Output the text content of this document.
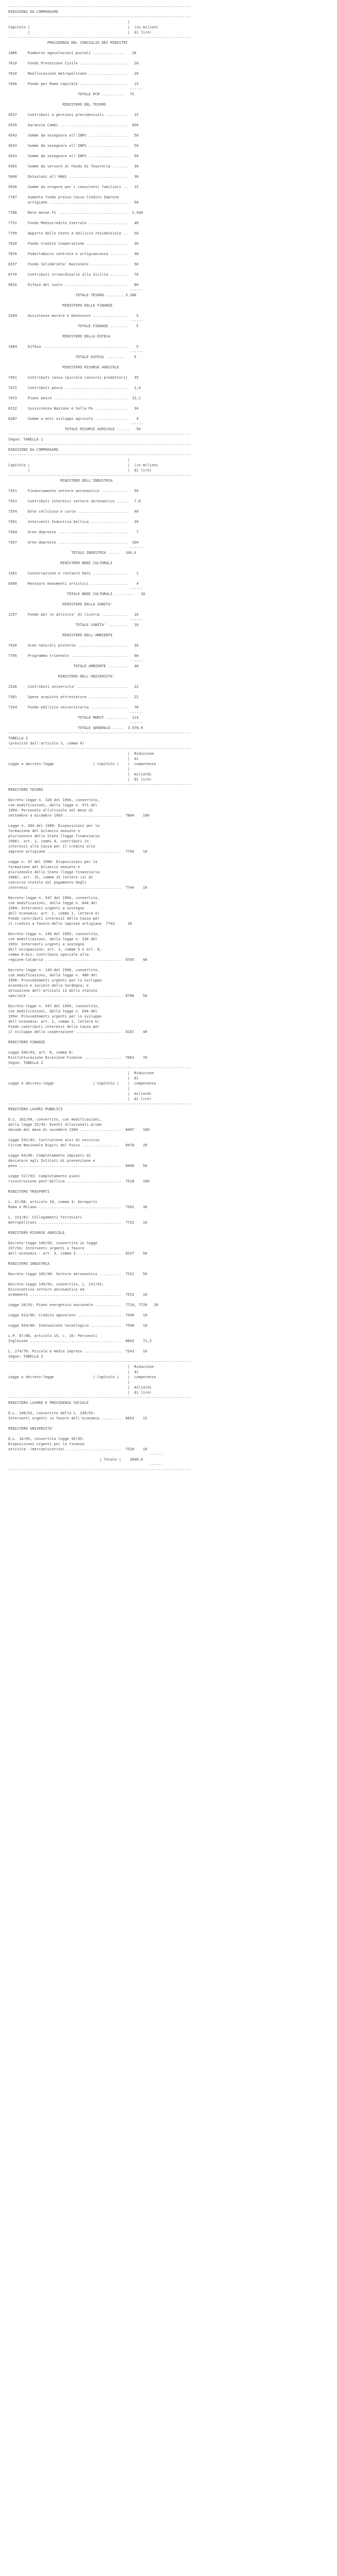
------------------------------------------------------------------------------------
RIDUZIONI DA COMPENSARE
------------------------------------------------------------------------------------
|
Capitolo |                                             |  (in milioni
|                                             |  di lire)
------------------------------------------------------------------------------------
PRESIDENZA DEL CONSIGLIO DEI MINISTRI

1086     Rimborso agevolazioni postali ...............   20

7610     Fondo Protezione Civile ......................   20

7610     Reallocazione metropolitane ..................   20

7640     Fondo per Roma Capitale ......................   15
------
TOTALE PCM ..........   75

MINISTERO DEL TESORO

4537     Contributi a gestioni previdenziali ..........   15

4539     Garanzia Cambi ...............................  650

4543     Somme da assegnare all'INPS ..................   50

4543     Somme da assegnare all'INPS ..................   50

4543     Somme da assegnare all'INPS ..................   50

4565     Somme da versare al Fondo di Tesoreria .......   30

5040     Dotazioni all'ANAS ...........................   30

5926     Somme da erogare per i consulenti familiari ..   15

7787     Aumento fondo presso Cassa Credito Imprese
artigiane ....................................   50

7788     Rete metan FS ................................  1.940

7751     Fondo Mediocredito Centrale ..................   40

7799     Apporto dello Stato a edilizia residenziale ..   50

7828     Fondo Credito Cooperazione ...................   30

7870     Federtabacco centrale e artigiancassa ........   40

8157     Fondo Solidarieta' Nazionale .................   50

8770     Contributi straordinario alla Sicilia ........   70

9010     Difesa del suolo .............................   80
------
TOTALE TESORO ........ 3.380

MINISTERO DELLE FINANZE

3294     Assistenza morale e benessere ................    5
------
TOTALE FINANZE ........    5

MINISTERO DELLA DIFESA

1084     Difesa .......................................    5
------
TOTALE DIFESA .........    5

MINISTERO RISORSE AGRICOLE

7451     Contributi cassa (piccola concorsi produttori)   35

7472     Contributi pesca .............................   1,4

7473     Piano pesce ..................................  13,1

8152     Sussistenza Nazione e Sella Po ...............   34

8287     Somme a enti sviluppo agricolo ...............    4
------
TOTALE RISORSE AGRICOLE ......   54
------------------------------------------------------------------------------------
Segue: TABELLA 1
------------------------------------------------------------------------------------
RIDUZIONI DA COMPENSARE
------------------------------------------------------------------------------------
|
Capitolo |                                             |  (in milioni
|                                             |  di lire)
------------------------------------------------------------------------------------
MINISTERO DELL'INDUSTRIA

7551     Finanziamento settore aeronautico ............   50

7553     Contributi interessi settore aeronautico .....   7,6

7554     Ente cellulosa e carta .......................   40

7501     Interventi Industria bellica .................   20

7564     Aree depresse ................................    7

7567     Aree depresse ................................  100
------
TOTALE INDUSTRIA .....   104,6

MINISTERO BENI CULTURALI

1581     Conservazione e restauro beni ................    1

8300     Restauro monumenti artistici .................    4
------
TOTALE BENI CULTURALI .........   10

MINISTERO DELLA SANITA'

1257     Fondo per le attivita' di ricerca ............   10
------
TOTALE SANITA' .........   10

MINISTERO DELL'AMBIENTE

7420     Aree naturali protette .......................   30

7705     Programma triennale ..........................   40
------
TOTALE AMBIENTE .........   40

MINISTERO DELL'UNIVERSITA'

2538     Contributi universita' .......................   22

7301     Spese acquisto attrezzature ..................   22

7324     Fondo edilizia universitaria .................   70
------
TOTALE MURST ..........  114
------
TOTALE GENERALE .....  3.978,9
------------------------------------------------------------------------------------
TABELLA 2
(previste dall'articolo 3, comma 4)
------------------------------------------------------------------------------------
|  Riduzione
|  di
Legge o decreto-legge                  | Capitolo |    |  competenza
|
|  miliardi
|  di lire)
------------------------------------------------------------------------------------
MINISTERO TESORO

Decreto-legge n. 328 del 1994, convertito,
con modificazioni, dalla legge n. 471 del
1994: Personale allultinale nel mese di
settembre a dicembre 1993 ..........................  7804    100

Legge n. 504 del 1989: Disposizioni per la
formazione del bilancio annuale e
pluriennale dello Stato (legge finanziaria
1990), art. 1, commi 4, contributi in
interessi alla Cassa per il credito alle
imprese artigiane ..................................  7743    10

Legge n. 47 del 1988: Disposizioni per la
formazione del bilancio annuale e
pluriennale dello Stato (legge finanziaria
1988), art. 15, comma 15 lettera (a) di
concorso statale nel pagamento degli
interessi ..........................................  7744    10

Decreto-legge n. 547 del 1994, convertito,
con modificazioni, dalla legge n. 644 del
1994: Interventi urgenti a sostegno
dell'economia: art. 1, comma 1, lettera e)
Fondo contributi interessi della Cassa per
il credito a favore delle imprese artigiane  7743      20

Decreto-legge n. 149 del 1993, convertito,
con modificazioni, dalla legge n. 236 del
1993: Interventi urgenti a sostegno
dell'occupazione: art. 3, comma 5 e art. 8,
comma 6-bis: Contributo speciale alla
regione Calabria ...................................  8765    40

Decreto-legge n. 149 del 1996, convertito,
con modificazioni, dalla legge n. 480 del
1996: Provvedimenti urgenti per lo sviluppo
economico e sociale della Sardegna; e
attuazione dell'articolo 13 dello statuto
speciale ...........................................  8766    50

Decreto-legge n. 547 del 1994, convertito,
con modificazioni, dalla legge n. 644 del
1994: Provvedimenti urgenti per lo sviluppo
dell'economia: art. 1, comma 1, lettera k)
Fondo contributi interessi della Cassa per
il sviluppo della cooperazione .....................  8167    40

MINISTERO FINANZE

Legge 936/93, art. 8, comma 8:
Ristrutturazione Direzione Finanze .................  7663    70
Segue: TABELLA 2
------------------------------------------------------------------------------------
|  Riduzione
|  di
Legge o decreto-legge                  | Capitolo |    |  competenza
|
|  miliardi
|  di lire)
------------------------------------------------------------------------------------
MINISTERO LAVORI PUBBLICI

D.L. 181/94, convertito, con modificazioni,
dalla legge 25/93: Eventi alluvionali prima
decade del mese di novembre 1994 ...................  8487    100

Legge 531/82: Costruzione assi di servizio
Circum Nazionale Digiti del Fusco .................   8478    20

Legge 64/86: Completamento impianti di
deviatore agli Istituti di prevenzione e
pena ...............................................  8406    50

Legge 517/93: Completamento piani
ricostruzione post-bellica .........................  7518    100

MINISTERO TRASPORTI

L. 67/88, articolo 19, comma 3: Aeroporti
Roma e Milano ......................................  7501    30

L. 151/81: Collegamenti ferroviari
metropolitani ......................................  7722    10

MINISTERO RISORSE AGRICOLE

Decreto-legge 149/93, convertito in legge
237/93: Interventi urgenti a favore
dell'economia : art. 3, comma 3 ....................  8157    50

MINISTERO INDUSTRIA

Decreto-legge 165/96: Settore aeronautico ..........  7551    50

Decreto-legge 149/93, convertito, L. 237/93:
Disincentivo settore aeronautico ed
armamento ..........................................  7553    10

Legge 10/91: Piano energetico nazionale ............  7710, 7720   20

Legge 513/96: Credito agevolato ....................  7546    10

Legge 934/86: Innovazione tecnologica ..............  7546    10

L.P. 67/88, articolo 15, c. 16: Personali
Inglesine ..........................................  8843    71,3

L. 274/76: Piccola e media impresa .................  7543    10
Segue: TABELLA 2
------------------------------------------------------------------------------------
|  Riduzione
|  di
Legge o decreto-legge                  | Capitolo |    |  competenza
|
|  miliardi
|  di lire)
------------------------------------------------------------------------------------
MINISTERO LAVORO E PREVIDENZA SOCIALE

D.L. 148/93, convertito dalla L. 236/93:
Interventi urgenti in favore dell'economia .........  8652    15

MINISTERO UNIVERSITA'

D.L. 16/95, convertito legge 95/95:
Disposizioni urgenti per la finanza
attivita' (marconiviotrie) .........................  7520    10
------
| Totale |    3040,6
------
------------------------------------------------------------------------------------
